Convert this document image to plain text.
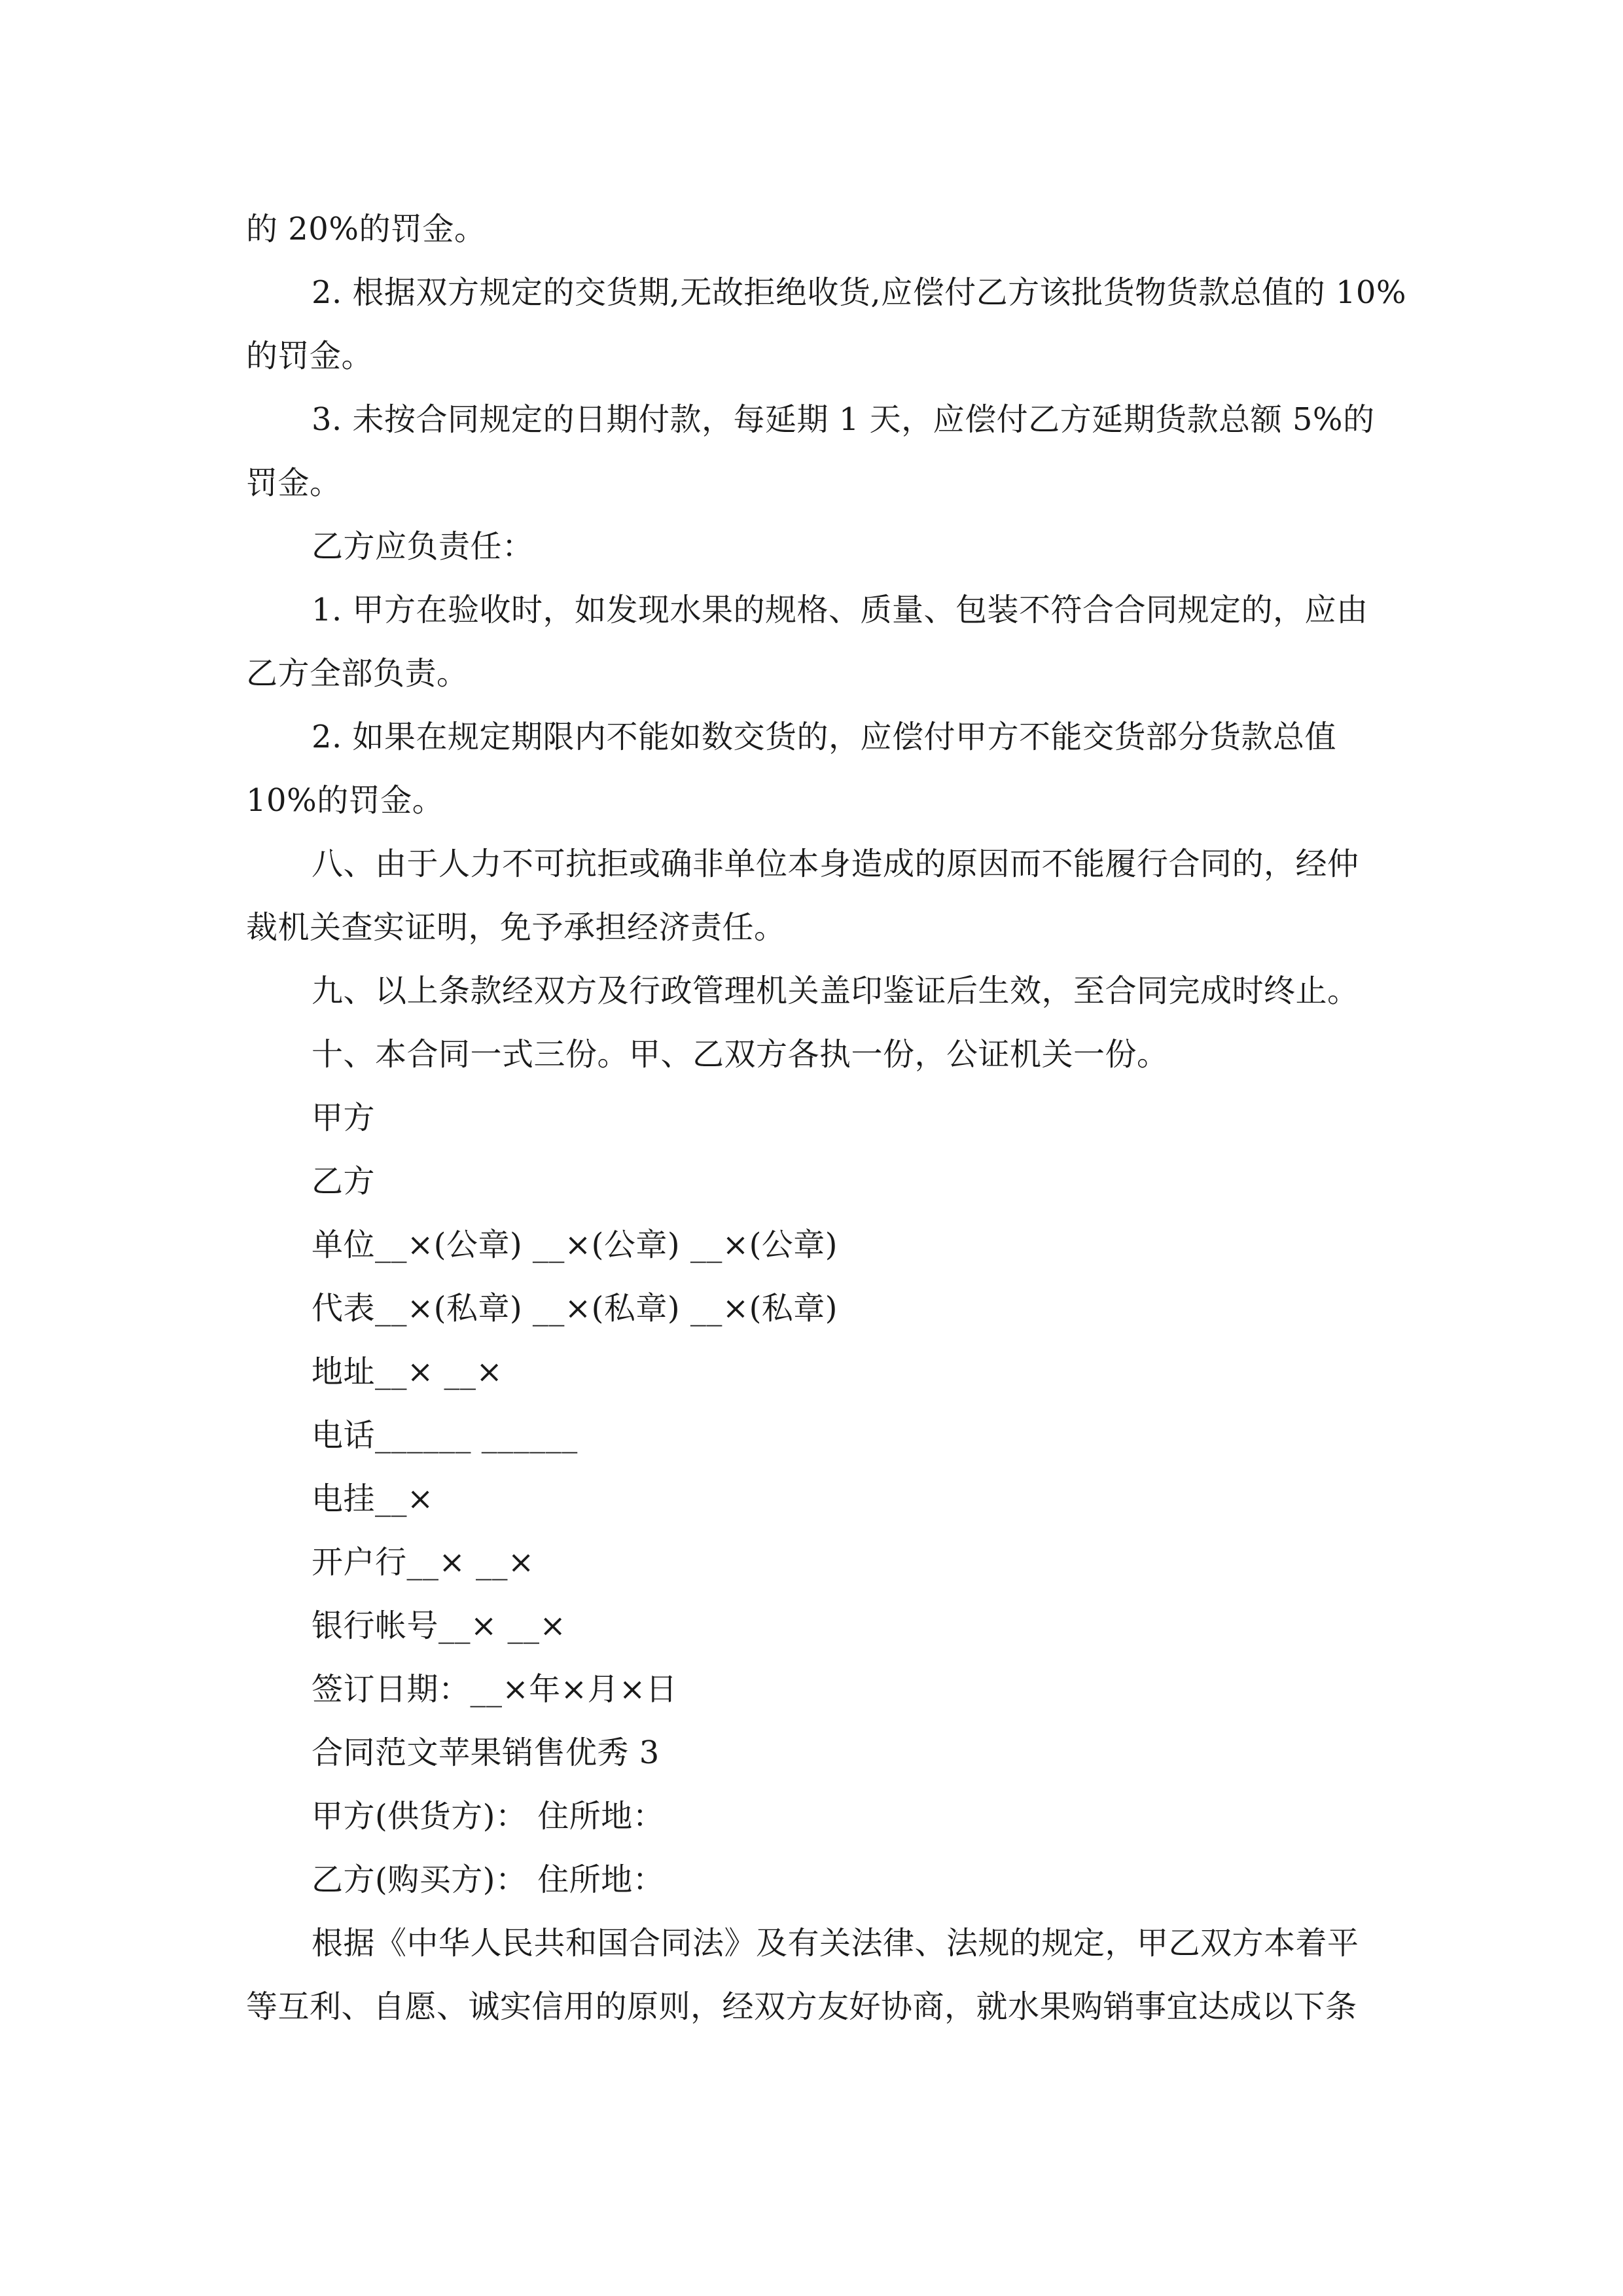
的 20%的罚金。

2. 根据双方规定的交货期,无故拒绝收货,应偿付乙方该批货物货款总值的 10%

的罚金。

3. 未按合同规定的日期付款，每延期 1 天，应偿付乙方延期货款总额 5%的

罚金。

乙方应负责任：

1. 甲方在验收时，如发现水果的规格、质量、包装不符合合同规定的，应由

乙方全部负责。

2. 如果在规定期限内不能如数交货的，应偿付甲方不能交货部分货款总值

10%的罚金。

八、由于人力不可抗拒或确非单位本身造成的原因而不能履行合同的，经仲

裁机关查实证明，免予承担经济责任。

九、以上条款经双方及行政管理机关盖印鉴证后生效，至合同完成时终止。

十、本合同一式三份。甲、乙双方各执一份，公证机关一份。

甲方

乙方

单位__×(公章) __×(公章) __×(公章)

代表__×(私章) __×(私章) __×(私章)

地址__× __×

电话______ ______

电挂__×

开户行__× __×

银行帐号__× __×

签订日期：__×年×月×日

合同范文苹果销售优秀 3

甲方(供货方)： 住所地：

乙方(购买方)： 住所地：

根据《中华人民共和国合同法》及有关法律、法规的规定，甲乙双方本着平

等互利、自愿、诚实信用的原则，经双方友好协商，就水果购销事宜达成以下条
